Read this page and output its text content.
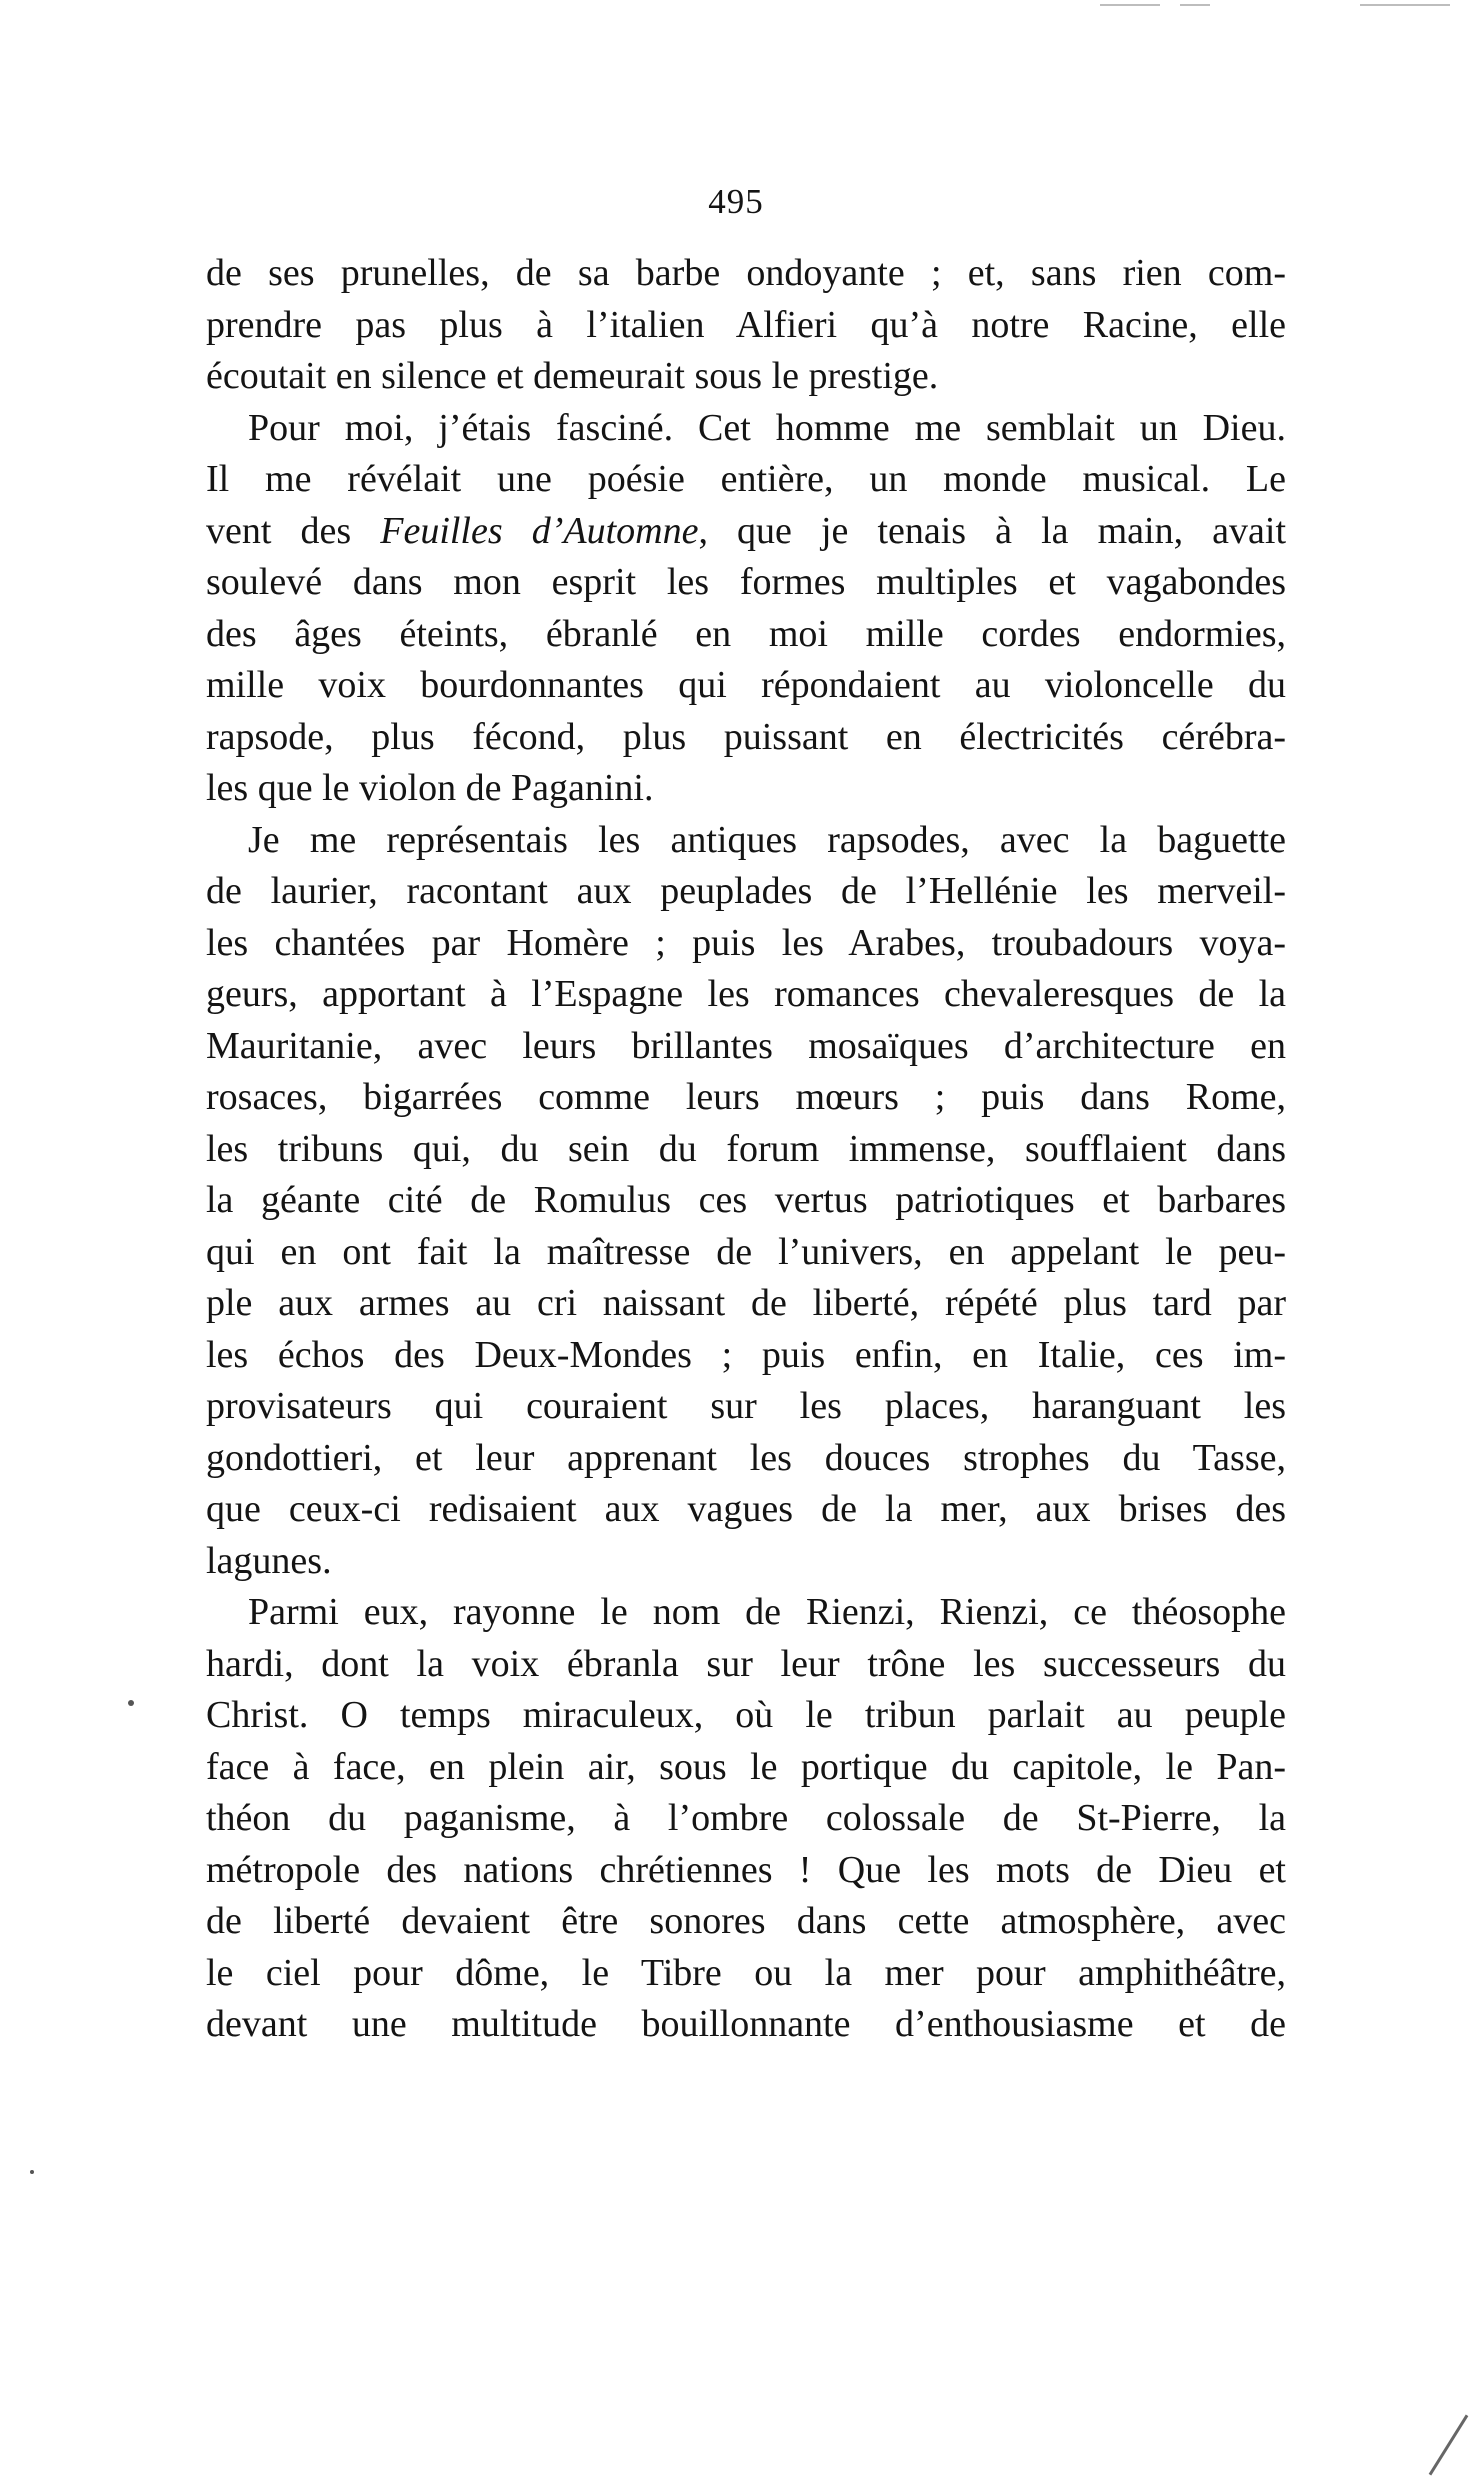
495

de ses prunelles, de sa barbe ondoyante ; et, sans rien com-
prendre pas plus à l’italien Alfieri qu’à notre Racine, elle
écoutait en silence et demeurait sous le prestige.

Pour moi, j’étais fasciné. Cet homme me semblait un Dieu.
Il me révélait une poésie entière, un monde musical. Le
vent des Feuilles d’Automne, que je tenais à la main, avait
soulevé dans mon esprit les formes multiples et vagabondes
des âges éteints, ébranlé en moi mille cordes endormies,
mille voix bourdonnantes qui répondaient au violoncelle du
rapsode, plus fécond, plus puissant en électricités cérébra-
les que le violon de Paganini.

Je me représentais les antiques rapsodes, avec la baguette
de laurier, racontant aux peuplades de l’Hellénie les merveil-
les chantées par Homère ; puis les Arabes, troubadours voya-
geurs, apportant à l’Espagne les romances chevaleresques de la
Mauritanie, avec leurs brillantes mosaïques d’architecture en
rosaces, bigarrées comme leurs mœurs ; puis dans Rome,
les tribuns qui, du sein du forum immense, soufflaient dans
la géante cité de Romulus ces vertus patriotiques et barbares
qui en ont fait la maîtresse de l’univers, en appelant le peu-
ple aux armes au cri naissant de liberté, répété plus tard par
les échos des Deux-Mondes ; puis enfin, en Italie, ces im-
provisateurs qui couraient sur les places, haranguant les
gondottieri, et leur apprenant les douces strophes du Tasse,
que ceux-ci redisaient aux vagues de la mer, aux brises des
lagunes.

Parmi eux, rayonne le nom de Rienzi, Rienzi, ce théosophe
hardi, dont la voix ébranla sur leur trône les successeurs du
Christ. O temps miraculeux, où le tribun parlait au peuple
face à face, en plein air, sous le portique du capitole, le Pan-
théon du paganisme, à l’ombre colossale de St-Pierre, la
métropole des nations chrétiennes ! Que les mots de Dieu et
de liberté devaient être sonores dans cette atmosphère, avec
le ciel pour dôme, le Tibre ou la mer pour amphithéâtre,
devant une multitude bouillonnante d’enthousiasme et de
